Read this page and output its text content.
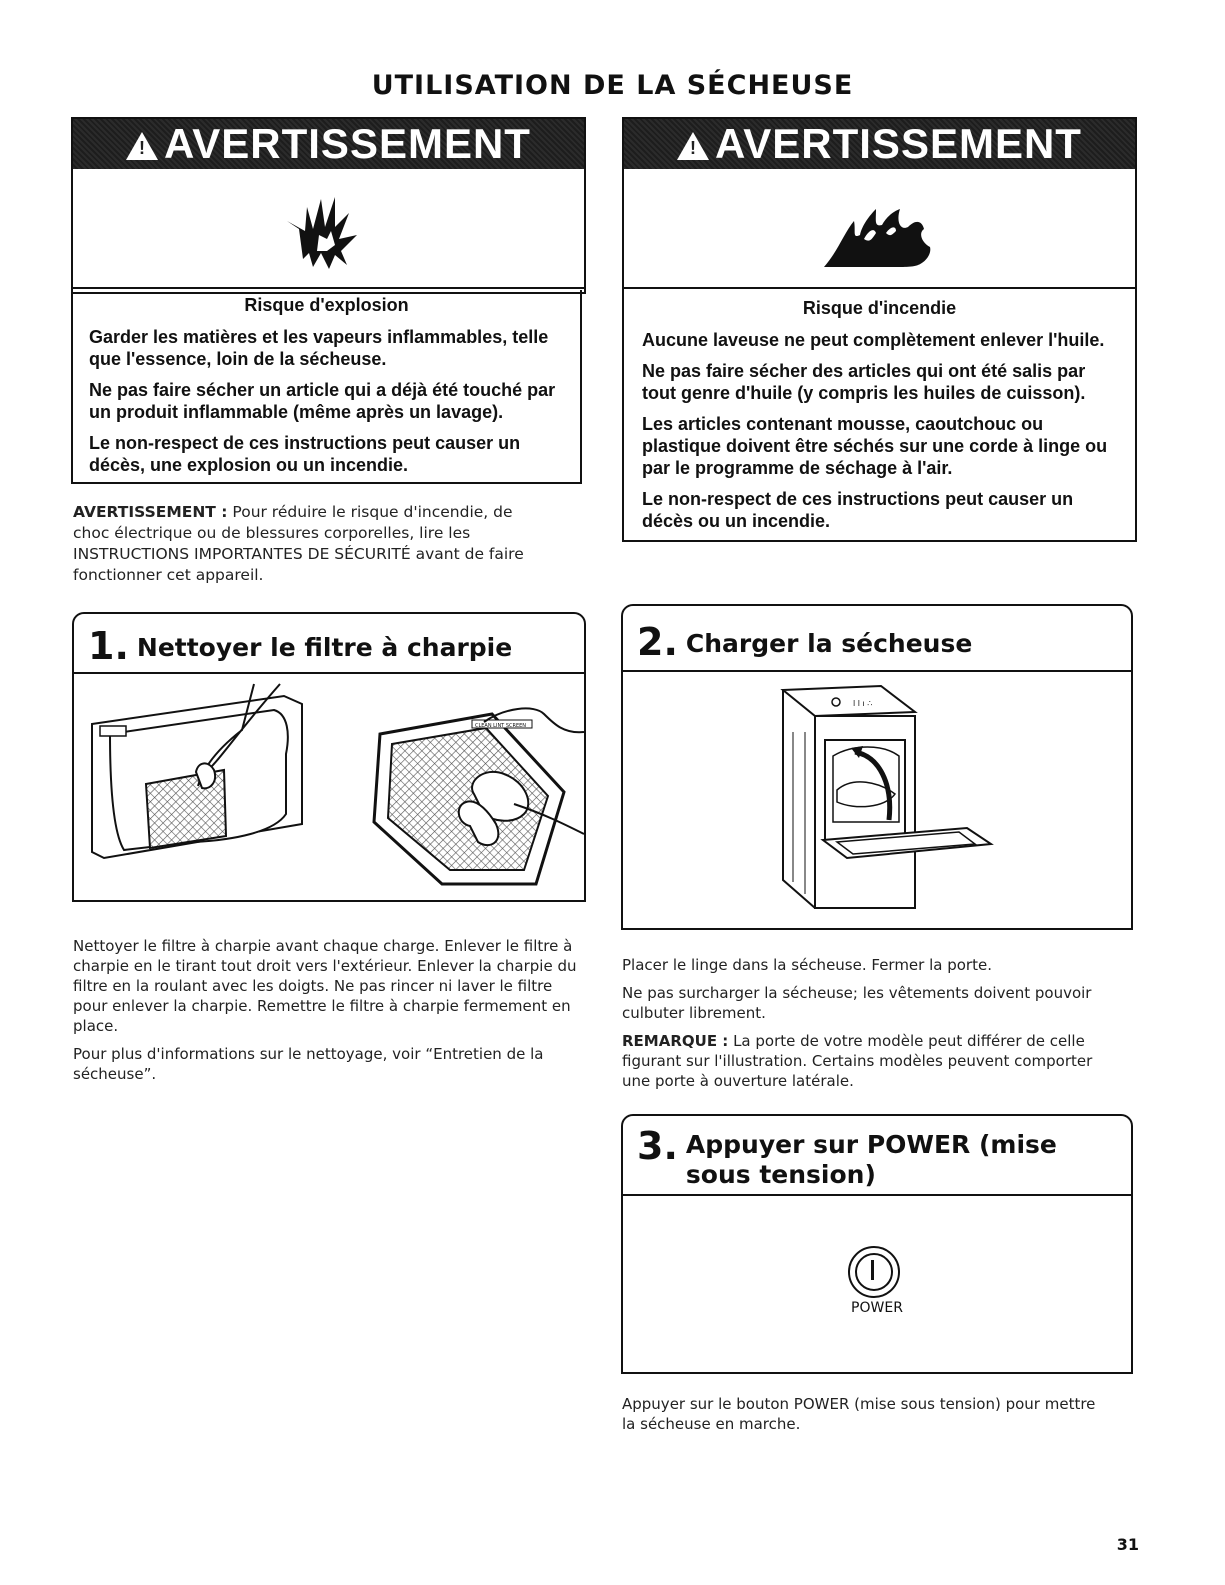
UTILISATION DE LA SÉCHEUSE
! AVERTISSEMENT
Risque d'explosion

Garder les matières et les vapeurs inflammables, telle que l'essence, loin de la sécheuse.

Ne pas faire sécher un article qui a déjà été touché par un produit inflammable (même après un lavage).

Le non-respect de ces instructions peut causer un décès, une explosion ou un incendie.

! AVERTISSEMENT
Risque d'incendie

Aucune laveuse ne peut complètement enlever l'huile.

Ne pas faire sécher des articles qui ont été salis par tout genre d'huile (y compris les huiles de cuisson).

Les articles contenant mousse, caoutchouc ou plastique doivent être séchés sur une corde à linge ou par le programme de séchage à l'air.

Le non-respect de ces instructions peut causer un décès ou un incendie.

AVERTISSEMENT : Pour réduire le risque d'incendie, de choc électrique ou de blessures corporelles, lire les INSTRUCTIONS IMPORTANTES DE SÉCURITÉ avant de faire fonctionner cet appareil.
1. Nettoyer le filtre à charpie
CLEAN LINT SCREEN

Nettoyer le filtre à charpie avant chaque charge. Enlever le filtre à charpie en le tirant tout droit vers l'extérieur. Enlever la charpie du filtre en la roulant avec les doigts. Ne pas rincer ni laver le filtre pour enlever la charpie. Remettre le filtre à charpie fermement en place.

Pour plus d'informations sur le nettoyage, voir “Entretien de la sécheuse”.

2. Charger la sécheuse
l l ı ∴

Placer le linge dans la sécheuse. Fermer la porte.

Ne pas surcharger la sécheuse; les vêtements doivent pouvoir culbuter librement.

REMARQUE : La porte de votre modèle peut différer de celle figurant sur l'illustration. Certains modèles peuvent comporter une porte à ouverture latérale.

3. Appuyer sur POWER (mise sous tension)
POWER

Appuyer sur le bouton POWER (mise sous tension) pour mettre la sécheuse en marche.

31
